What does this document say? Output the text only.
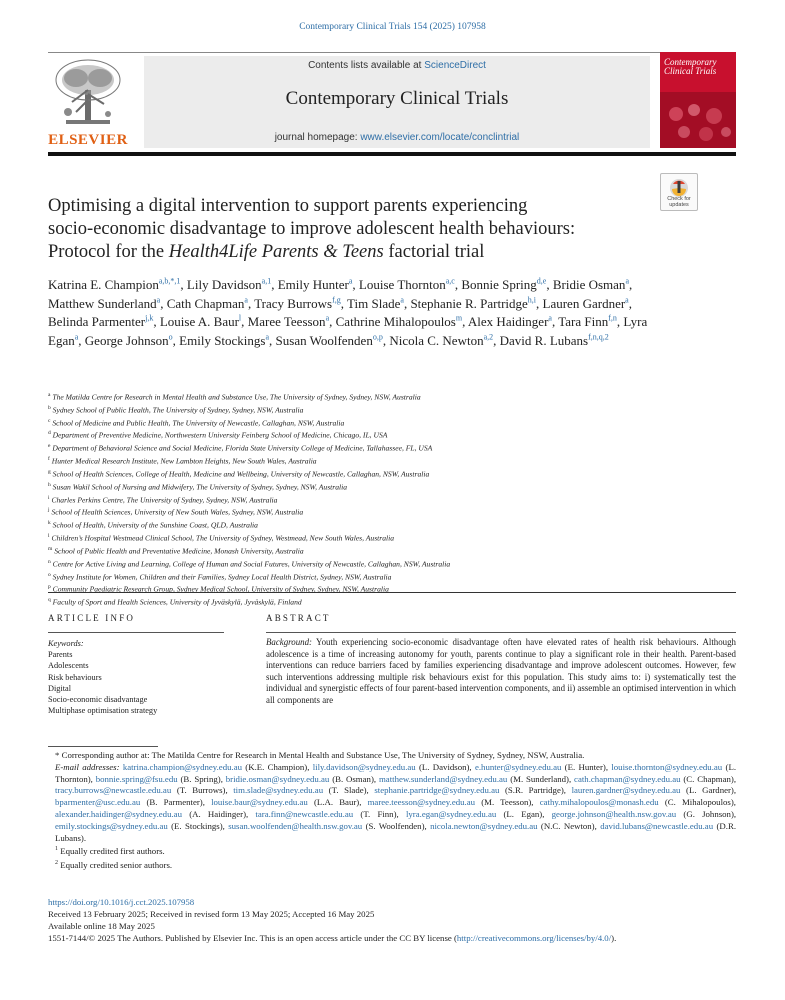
Contemporary Clinical Trials 154 (2025) 107958
ELSEVIER
Contents lists available at ScienceDirect
Contemporary Clinical Trials
journal homepage: www.elsevier.com/locate/conclintrial
Contemporary Clinical Trials
Check for
updates
Optimising a digital intervention to support parents experiencing
socio-economic disadvantage to improve adolescent health behaviours:
Protocol for the Health4Life Parents & Teens factorial trial
Katrina E. Champion$^{a,b,*,1}$, Lily Davidson$^{a,1}$, Emily Hunter$^a$, Louise Thornton$^{a,c}$, Bonnie Spring$^{d,e}$, Bridie Osman$^a$, Matthew Sunderland$^a$, Cath Chapman$^a$, Tracy Burrows$^{f,g}$, Tim Slade$^a$, Stephanie R. Partridge$^{h,i}$, Lauren Gardner$^a$, Belinda Parmenter$^{j,k}$, Louise A. Baur$^l$, Maree Teesson$^a$, Cathrine Mihalopoulos$^m$, Alex Haidinger$^a$, Tara Finn$^{f,n}$, Lyra Egan$^a$, George Johnson$^o$, Emily Stockings$^a$, Susan Woolfenden$^{o,p}$, Nicola C. Newton$^{a,2}$, David R. Lubans$^{f,n,q,2}$
$^a$ The Matilda Centre for Research in Mental Health and Substance Use, The University of Sydney, Sydney, NSW, Australia
$^b$ Sydney School of Public Health, The University of Sydney, Sydney, NSW, Australia
$^c$ School of Medicine and Public Health, The University of Newcastle, Callaghan, NSW, Australia
$^d$ Department of Preventive Medicine, Northwestern University Feinberg School of Medicine, Chicago, IL, USA
$^e$ Department of Behavioral Science and Social Medicine, Florida State University College of Medicine, Tallahassee, FL, USA
$^f$ Hunter Medical Research Institute, New Lambton Heights, New South Wales, Australia
$^g$ School of Health Sciences, College of Health, Medicine and Wellbeing, University of Newcastle, Callaghan, NSW, Australia
$^h$ Susan Wakil School of Nursing and Midwifery, The University of Sydney, Sydney, NSW, Australia
$^i$ Charles Perkins Centre, The University of Sydney, Sydney, NSW, Australia
$^j$ School of Health Sciences, University of New South Wales, Sydney, NSW, Australia
$^k$ School of Health, University of the Sunshine Coast, QLD, Australia
$^l$ Children’s Hospital Westmead Clinical School, The University of Sydney, Westmead, New South Wales, Australia
$^m$ School of Public Health and Preventative Medicine, Monash University, Australia
$^n$ Centre for Active Living and Learning, College of Human and Social Futures, University of Newcastle, Callaghan, NSW, Australia
$^o$ Sydney Institute for Women, Children and their Families, Sydney Local Health District, Sydney, NSW, Australia
$^p$ Community Paediatric Research Group, Sydney Medical School, University of Sydney, Sydney, NSW, Australia
$^q$ Faculty of Sport and Health Sciences, University of Jyväskylä, Jyväskylä, Finland
ARTICLE INFO	ABSTRACT
Keywords:
Parents
Adolescents
Risk behaviours
Digital
Socio-economic disadvantage
Multiphase optimisation strategy
Background: Youth experiencing socio-economic disadvantage often have elevated rates of health risk behaviours. Although adolescence is a time of increasing autonomy for youth, parents continue to play a significant role in their health. Parent-based interventions can reduce barriers faced by families experiencing disadvantage and improve adolescent outcomes. However, few such interventions addressing multiple risk behaviours exist for this population. This study aims to: i) systematically test the individual and synergistic effects of four parent-based intervention components, and ii) assemble an optimised intervention in which all components are
* Corresponding author at: The Matilda Centre for Research in Mental Health and Substance Use, The University of Sydney, Sydney, NSW, Australia.
E-mail addresses: katrina.champion@sydney.edu.au (K.E. Champion), lily.davidson@sydney.edu.au (L. Davidson), e.hunter@sydney.edu.au (E. Hunter), louise.thornton@sydney.edu.au (L. Thornton), bonnie.spring@fsu.edu (B. Spring), bridie.osman@sydney.edu.au (B. Osman), matthew.sunderland@sydney.edu.au (M. Sunderland), cath.chapman@sydney.edu.au (C. Chapman), tracy.burrows@newcastle.edu.au (T. Burrows), tim.slade@sydney.edu.au (T. Slade), stephanie.partridge@sydney.edu.au (S.R. Partridge), lauren.gardner@sydney.edu.au (L. Gardner), bparmenter@usc.edu.au (B. Parmenter), louise.baur@sydney.edu.au (L.A. Baur), maree.teesson@sydney.edu.au (M. Teesson), cathy.mihalopoulos@monash.edu (C. Mihalopoulos), alexander.haidinger@sydney.edu.au (A. Haidinger), tara.finn@newcastle.edu.au (T. Finn), lyra.egan@sydney.edu.au (L. Egan), george.johnson@health.nsw.gov.au (G. Johnson), emily.stockings@sydney.edu.au (E. Stockings), susan.woolfenden@health.nsw.gov.au (S. Woolfenden), nicola.newton@sydney.edu.au (N.C. Newton), david.lubans@newcastle.edu.au (D.R. Lubans).
$^1$ Equally credited first authors.
$^2$ Equally credited senior authors.
https://doi.org/10.1016/j.cct.2025.107958
Received 13 February 2025; Received in revised form 13 May 2025; Accepted 16 May 2025
Available online 18 May 2025
1551-7144/© 2025 The Authors. Published by Elsevier Inc. This is an open access article under the CC BY license (http://creativecommons.org/licenses/by/4.0/).
